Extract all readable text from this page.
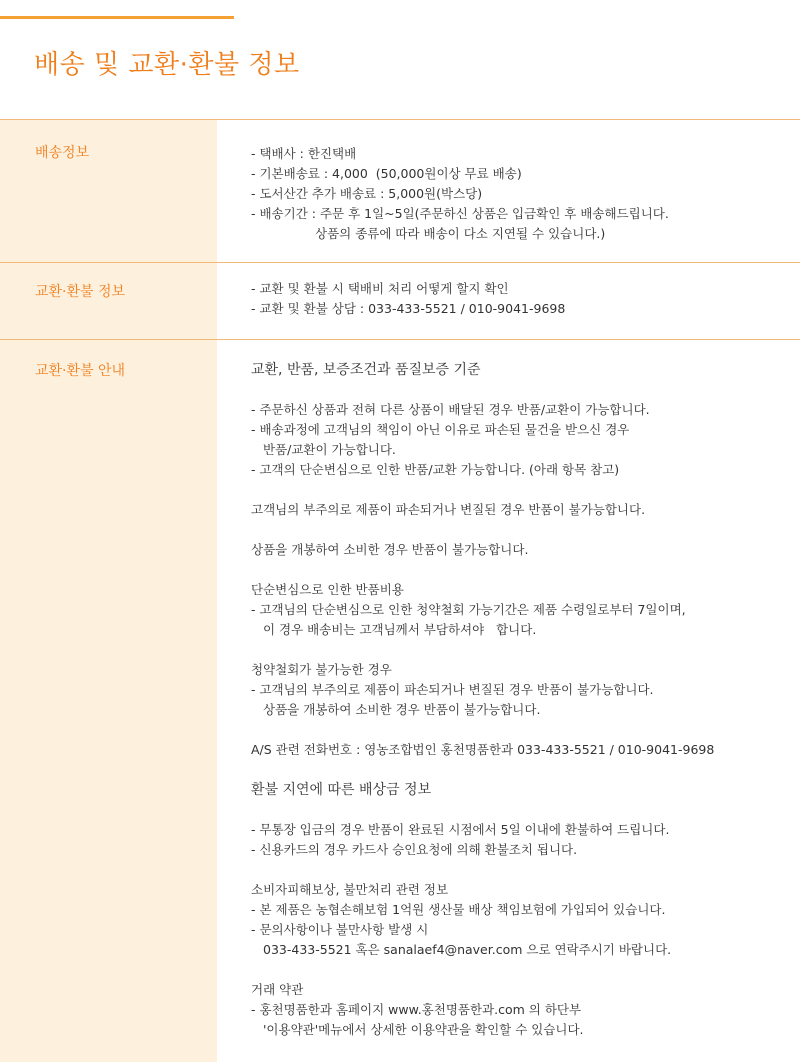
배송 및 교환·환불 정보
배송정보	- 택배사 : 한진택배
- 기본배송료 : 4,000  (50,000원이상 무료 배송)
- 도서산간 추가 배송료 : 5,000원(박스당)
- 배송기간 : 주문 후 1일~5일(주문하신 상품은 입금확인 후 배송해드립니다.
상품의 종류에 따라 배송이 다소 지연될 수 있습니다.)
교환·환불 정보	- 교환 및 환불 시 택배비 처리 어떻게 할지 확인
- 교환 및 환불 상담 : 033-433-5521 / 010-9041-9698
교환·환불 안내	교환, 반품, 보증조건과 품질보증 기준
- 주문하신 상품과 전혀 다른 상품이 배달된 경우 반품/교환이 가능합니다.
- 배송과정에 고객님의 책임이 아닌 이유로 파손된 물건을 받으신 경우
반품/교환이 가능합니다.
- 고객의 단순변심으로 인한 반품/교환 가능합니다. (아래 항목 참고)
고객님의 부주의로 제품이 파손되거나 변질된 경우 반품이 불가능합니다.
상품을 개봉하여 소비한 경우 반품이 불가능합니다.
단순변심으로 인한 반품비용
- 고객님의 단순변심으로 인한 청약철회 가능기간은 제품 수령일로부터 7일이며,
이 경우 배송비는 고객님께서 부담하셔야   합니다.
청약철회가 불가능한 경우
- 고객님의 부주의로 제품이 파손되거나 변질된 경우 반품이 불가능합니다.
상품을 개봉하여 소비한 경우 반품이 불가능합니다.
A/S 관련 전화번호 : 영농조합법인 홍천명품한과 033-433-5521 / 010-9041-9698
환불 지연에 따른 배상금 정보
- 무통장 입금의 경우 반품이 완료된 시점에서 5일 이내에 환불하여 드립니다.
- 신용카드의 경우 카드사 승인요청에 의해 환불조치 됩니다.
소비자피해보상, 불만처리 관련 정보
- 본 제품은 농협손해보험 1억원 생산물 배상 책임보험에 가입되어 있습니다.
- 문의사항이나 불만사항 발생 시
033-433-5521 혹은 sanalaef4@naver.com 으로 연락주시기 바랍니다.
거래 약관
- 홍천명품한과 홈페이지 www.홍천명품한과.com 의 하단부
'이용약관'메뉴에서 상세한 이용약관을 확인할 수 있습니다.
